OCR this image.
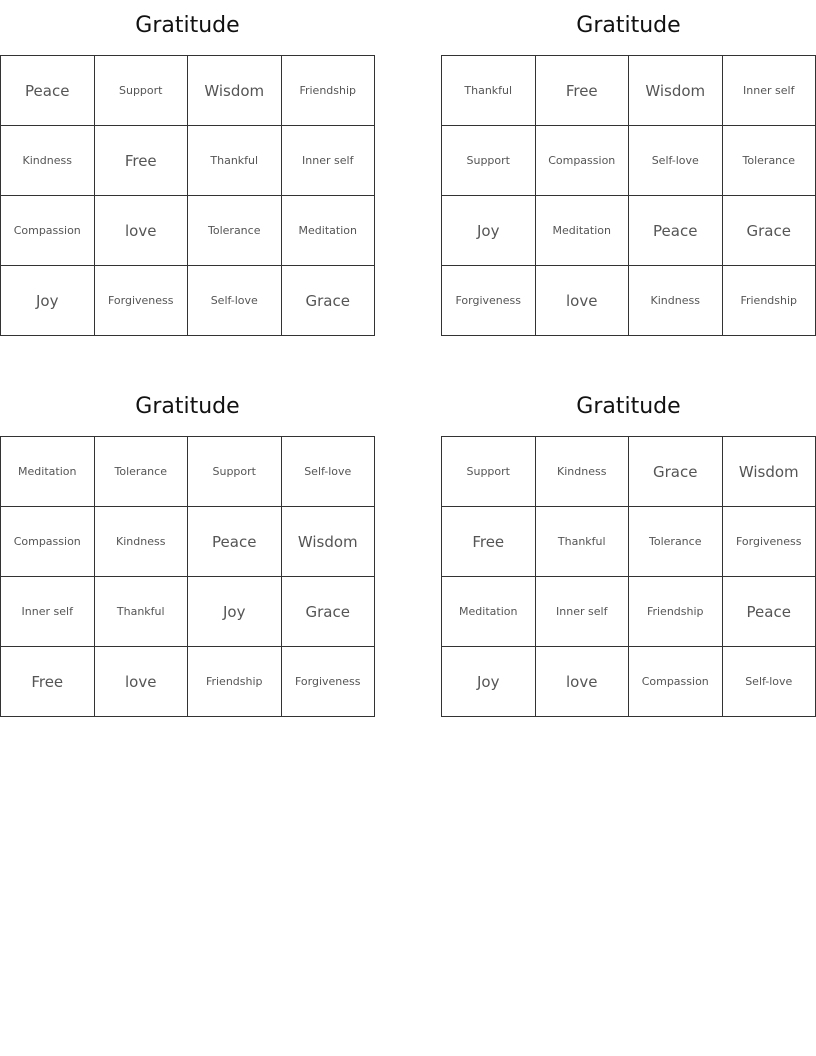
Gratitude
Peace	Support	Wisdom	Friendship
Kindness	Free	Thankful	Inner self
Compassion	love	Tolerance	Meditation
Joy	Forgiveness	Self-love	Grace
Gratitude
Thankful	Free	Wisdom	Inner self
Support	Compassion	Self-love	Tolerance
Joy	Meditation	Peace	Grace
Forgiveness	love	Kindness	Friendship
Gratitude
Meditation	Tolerance	Support	Self-love
Compassion	Kindness	Peace	Wisdom
Inner self	Thankful	Joy	Grace
Free	love	Friendship	Forgiveness
Gratitude
Support	Kindness	Grace	Wisdom
Free	Thankful	Tolerance	Forgiveness
Meditation	Inner self	Friendship	Peace
Joy	love	Compassion	Self-love
